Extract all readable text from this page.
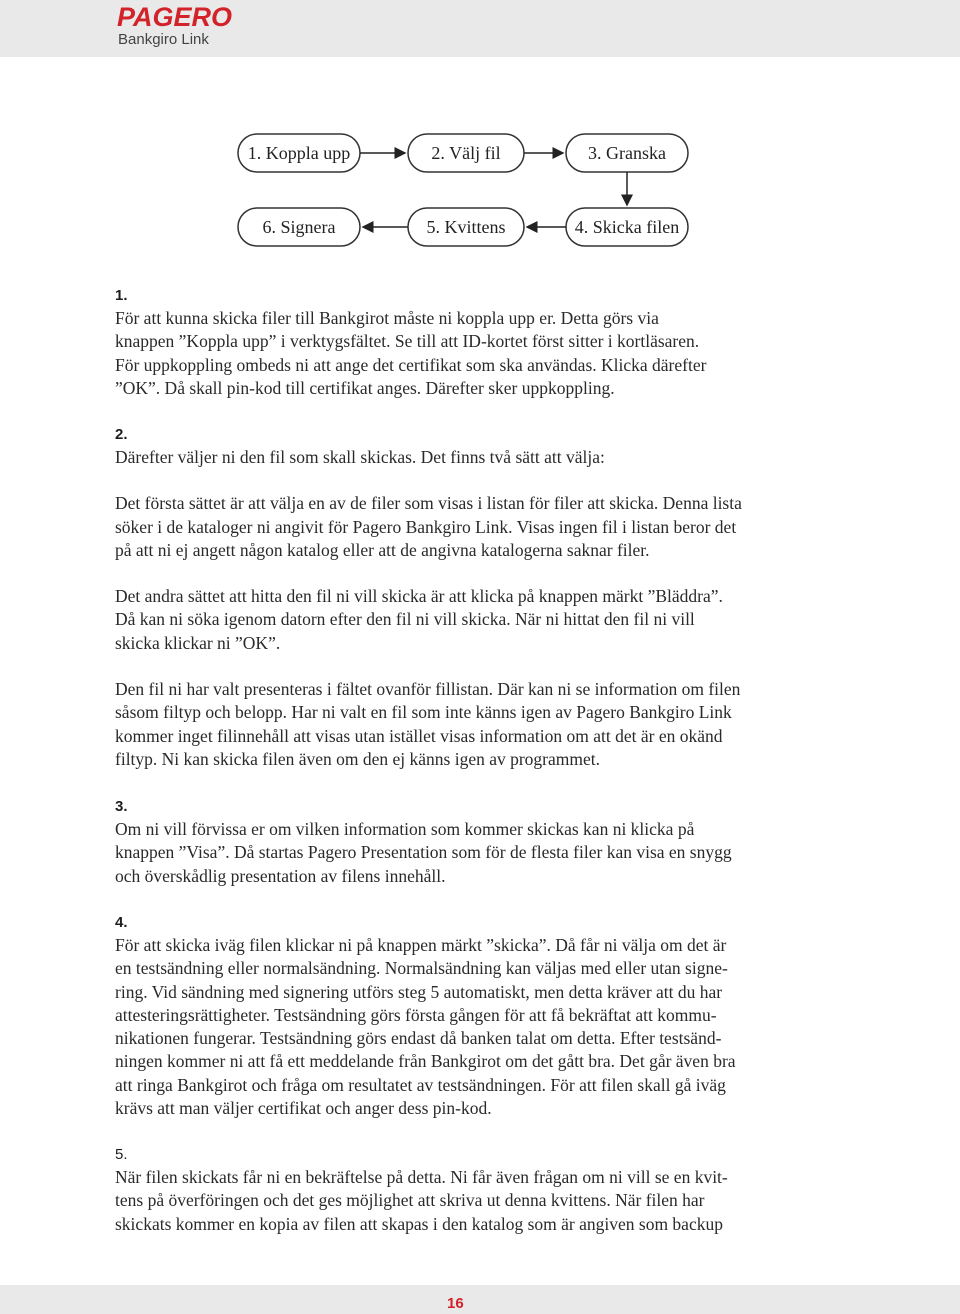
PAGERO
Bankgiro Link
1. Koppla upp	2. Välj fil	3. Granska
4. Skicka filen
5. Kvittens
6. Signera
1.

För att kunna skicka filer till Bankgirot måste ni koppla upp er. Detta görs via

knappen ”Koppla upp” i verktygsfältet. Se till att ID-kortet först sitter i kortläsaren.

För uppkoppling ombeds ni att ange det certifikat som ska användas. Klicka därefter

”OK”. Då skall pin-kod till certifikat anges. Därefter sker uppkoppling.

2.

Därefter väljer ni den fil som skall skickas. Det finns två sätt att välja:

Det första sättet är att välja en av de filer som visas i listan för filer att skicka. Denna lista

söker i de kataloger ni angivit för Pagero Bankgiro Link. Visas ingen fil i listan beror det

på att ni ej angett någon katalog eller att de angivna katalogerna saknar filer.

Det andra sättet att hitta den fil ni vill skicka är att klicka på knappen märkt ”Bläddra”.

Då kan ni söka igenom datorn efter den fil ni vill skicka. När ni hittat den fil ni vill

skicka klickar ni ”OK”.

Den fil ni har valt presenteras i fältet ovanför fillistan. Där kan ni se information om filen

såsom filtyp och belopp. Har ni valt en fil som inte känns igen av Pagero Bankgiro Link

kommer inget filinnehåll att visas utan istället visas information om att det är en okänd

filtyp. Ni kan skicka filen även om den ej känns igen av programmet.

3.

Om ni vill förvissa er om vilken information som kommer skickas kan ni klicka på

knappen ”Visa”. Då startas Pagero Presentation som för de flesta filer kan visa en snygg

och överskådlig presentation av filens innehåll.

4.

För att skicka iväg filen klickar ni på knappen märkt ”skicka”. Då får ni välja om det är

en testsändning eller normalsändning. Normalsändning kan väljas med eller utan signe-

ring. Vid sändning med signering utförs steg 5 automatiskt, men detta kräver att du har

attesteringsrättigheter. Testsändning görs första gången för att få bekräftat att kommu-

nikationen fungerar. Testsändning görs endast då banken talat om detta. Efter testsänd-

ningen kommer ni att få ett meddelande från Bankgirot om det gått bra. Det går även bra

att ringa Bankgirot och fråga om resultatet av testsändningen. För att filen skall gå iväg

krävs att man väljer certifikat och anger dess pin-kod.

5.

När filen skickats får ni en bekräftelse på detta. Ni får även frågan om ni vill se en kvit-

tens på överföringen och det ges möjlighet att skriva ut denna kvittens. När filen har

skickats kommer en kopia av filen att skapas i den katalog som är angiven som backup

16
